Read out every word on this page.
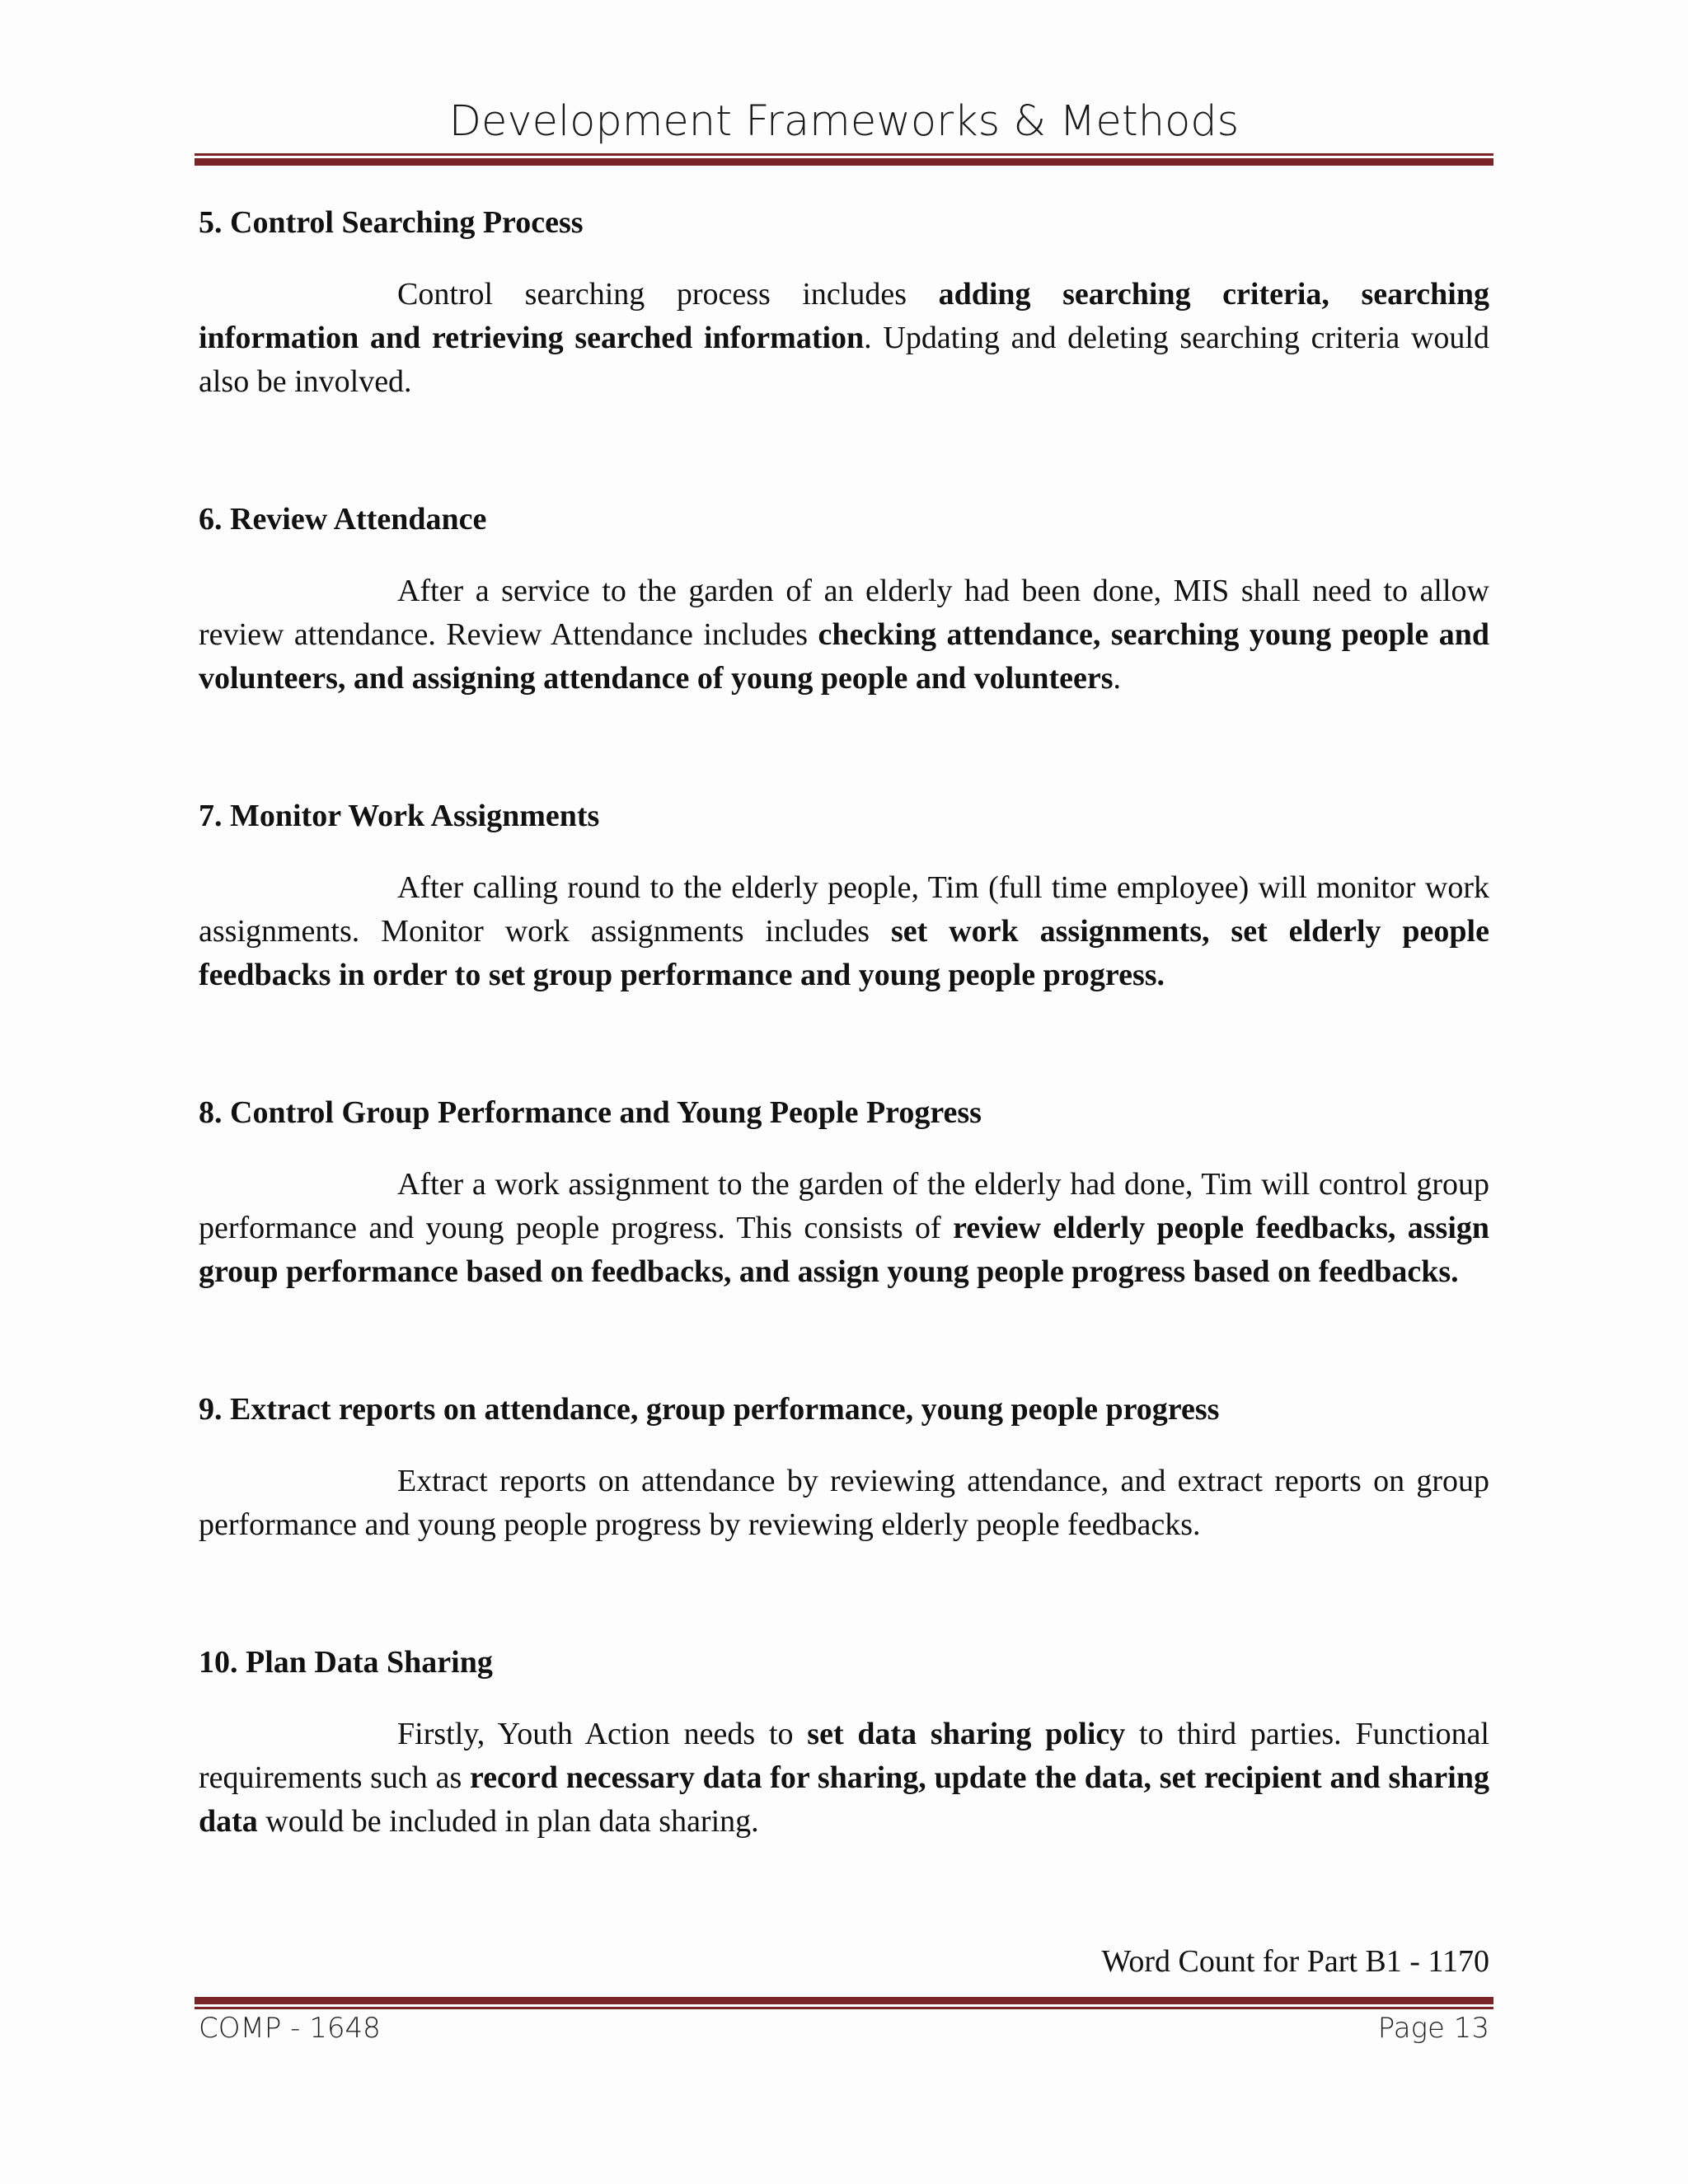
Development Frameworks & Methods
5. Control Searching Process

Control searching process includes adding searching criteria, searching information and retrieving searched information. Updating and deleting searching criteria would also be involved.

6. Review Attendance

After a service to the garden of an elderly had been done, MIS shall need to allow review attendance. Review Attendance includes checking attendance, searching young people and volunteers, and assigning attendance of young people and volunteers.

7. Monitor Work Assignments

After calling round to the elderly people, Tim (full time employee) will monitor work assignments. Monitor work assignments includes set work assignments, set elderly people feedbacks in order to set group performance and young people progress.

8. Control Group Performance and Young People Progress

After a work assignment to the garden of the elderly had done, Tim will control group performance and young people progress. This consists of review elderly people feedbacks, assign group performance based on feedbacks, and assign young people progress based on feedbacks.

9. Extract reports on attendance, group performance, young people progress

Extract reports on attendance by reviewing attendance, and extract reports on group performance and young people progress by reviewing elderly people feedbacks.

10. Plan Data Sharing

Firstly, Youth Action needs to set data sharing policy to third parties. Functional requirements such as record necessary data for sharing, update the data, set recipient and sharing data would be included in plan data sharing.

Word Count for Part B1 - 1170
COMP - 1648	Page 13
